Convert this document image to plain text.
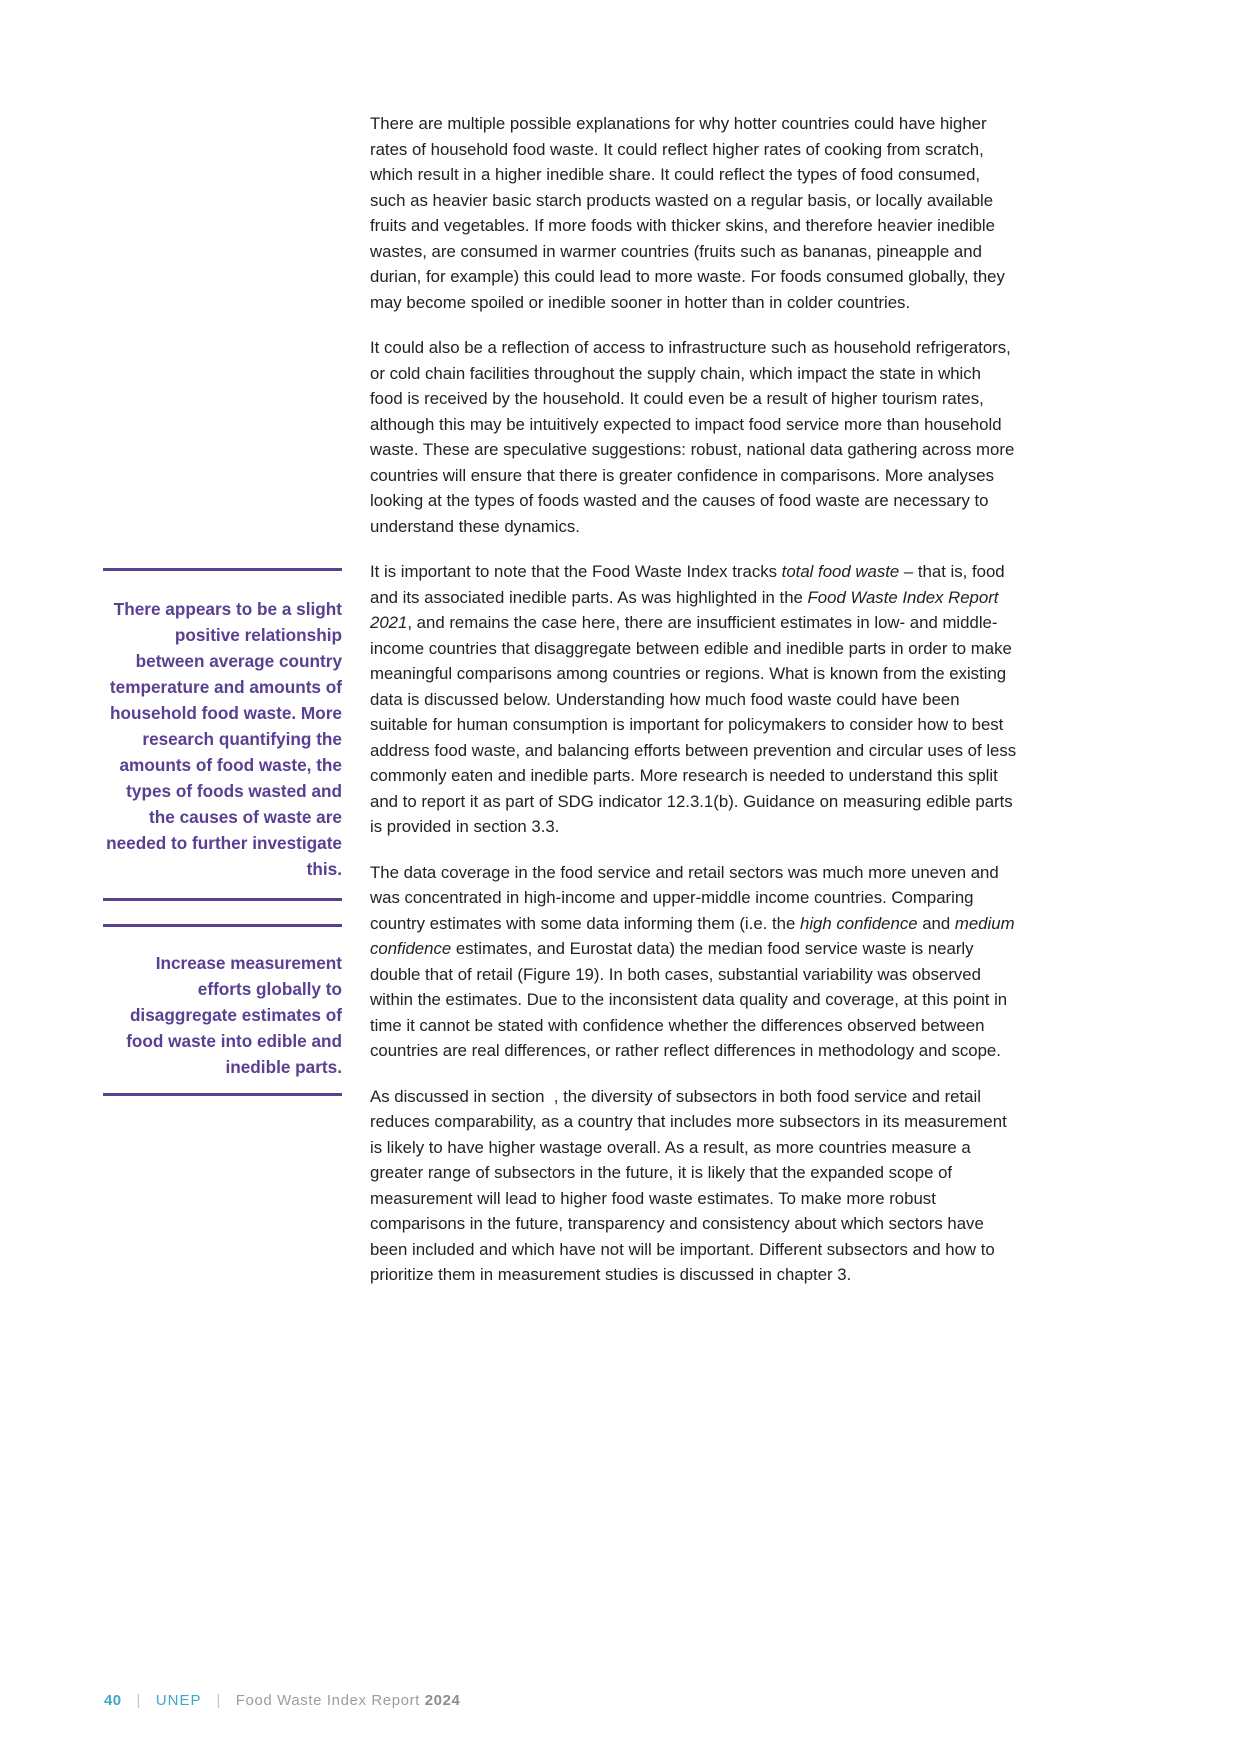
There appears to be a slight positive relationship between average country temperature and amounts of household food waste. More research quantifying the amounts of food waste, the types of foods wasted and the causes of waste are needed to further investigate this.

Increase measurement efforts globally to disaggregate estimates of food waste into edible and inedible parts.

There are multiple possible explanations for why hotter countries could have higher rates of household food waste. It could reflect higher rates of cooking from scratch, which result in a higher inedible share. It could reflect the types of food consumed, such as heavier basic starch products wasted on a regular basis, or locally available fruits and vegetables. If more foods with thicker skins, and therefore heavier inedible wastes, are consumed in warmer countries (fruits such as bananas, pineapple and durian, for example) this could lead to more waste. For foods consumed globally, they may become spoiled or inedible sooner in hotter than in colder countries.

It could also be a reflection of access to infrastructure such as household refrigerators, or cold chain facilities throughout the supply chain, which impact the state in which food is received by the household. It could even be a result of higher tourism rates, although this may be intuitively expected to impact food service more than household waste. These are speculative suggestions: robust, national data gathering across more countries will ensure that there is greater confidence in comparisons. More analyses looking at the types of foods wasted and the causes of food waste are necessary to understand these dynamics.

It is important to note that the Food Waste Index tracks total food waste – that is, food and its associated inedible parts. As was highlighted in the Food Waste Index Report 2021, and remains the case here, there are insufficient estimates in low- and middle-income countries that disaggregate between edible and inedible parts in order to make meaningful comparisons among countries or regions. What is known from the existing data is discussed below. Understanding how much food waste could have been suitable for human consumption is important for policymakers to consider how to best address food waste, and balancing efforts between prevention and circular uses of less commonly eaten and inedible parts. More research is needed to understand this split and to report it as part of SDG indicator 12.3.1(b). Guidance on measuring edible parts is provided in section 3.3.

The data coverage in the food service and retail sectors was much more uneven and was concentrated in high-income and upper-middle income countries. Comparing country estimates with some data informing them (i.e. the high confidence and medium confidence estimates, and Eurostat data) the median food service waste is nearly double that of retail (Figure 19). In both cases, substantial variability was observed within the estimates. Due to the inconsistent data quality and coverage, at this point in time it cannot be stated with confidence whether the differences observed between countries are real differences, or rather reflect differences in methodology and scope.

As discussed in section  , the diversity of subsectors in both food service and retail reduces comparability, as a country that includes more subsectors in its measurement is likely to have higher wastage overall. As a result, as more countries measure a greater range of subsectors in the future, it is likely that the expanded scope of measurement will lead to higher food waste estimates. To make more robust comparisons in the future, transparency and consistency about which sectors have been included and which have not will be important. Different subsectors and how to prioritize them in measurement studies is discussed in chapter 3.

40 | UNEP | Food Waste Index Report 2024
